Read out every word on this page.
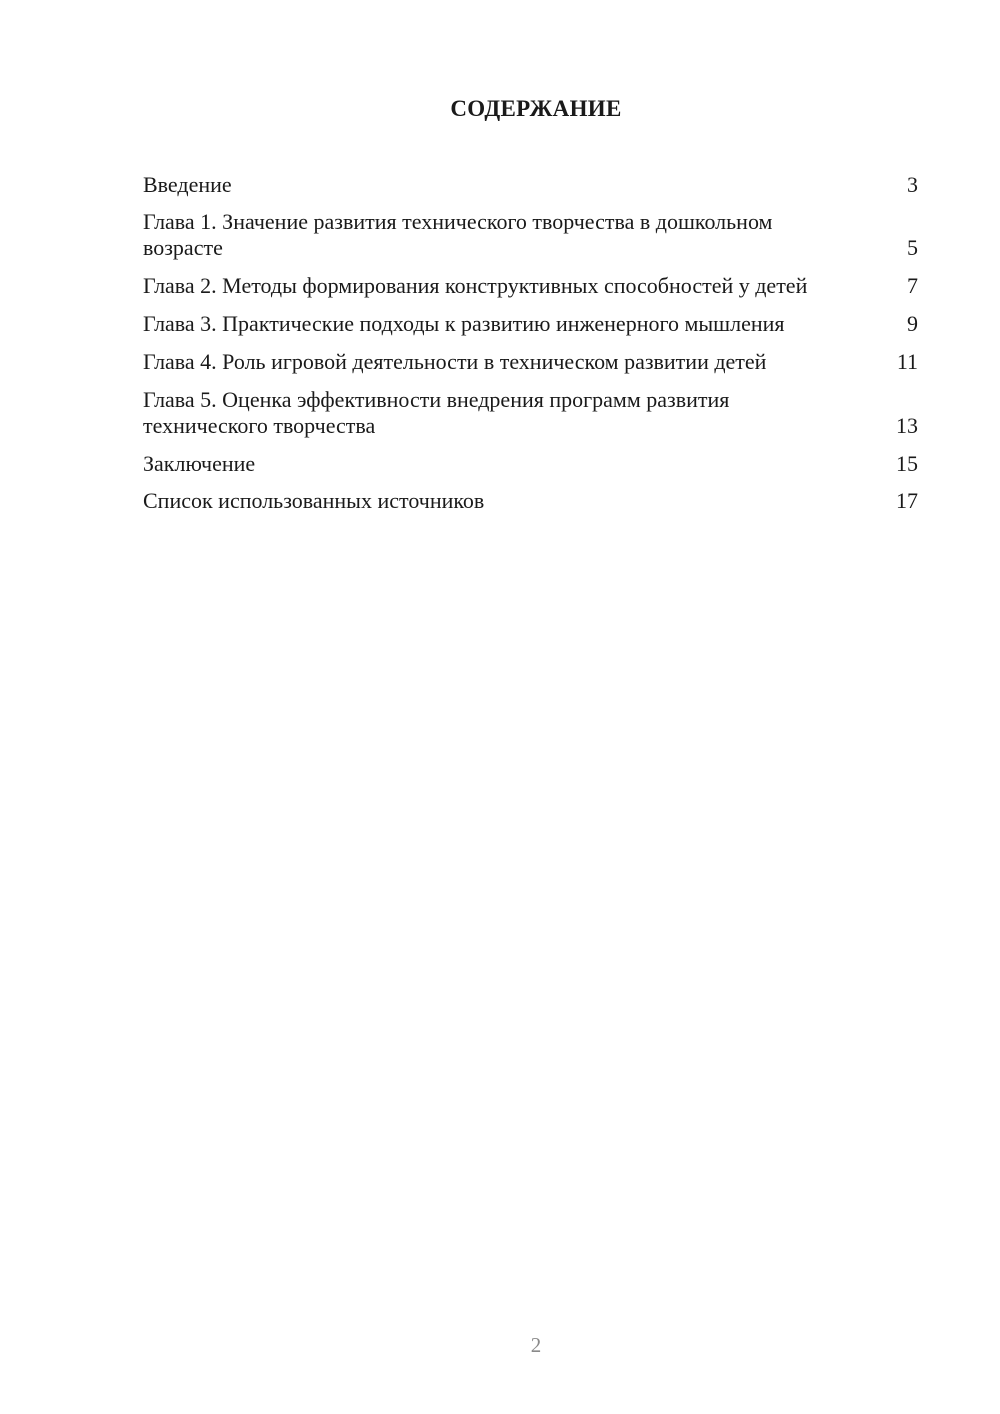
СОДЕРЖАНИЕ
Введение	3
Глава 1. Значение развития технического творчества в дошкольном возрасте	5
Глава 2. Методы формирования конструктивных способностей у детей	7
Глава 3. Практические подходы к развитию инженерного мышления	9
Глава 4. Роль игровой деятельности в техническом развитии детей	11
Глава 5. Оценка эффективности внедрения программ развития технического творчества	13
Заключение	15
Список использованных источников	17
2
